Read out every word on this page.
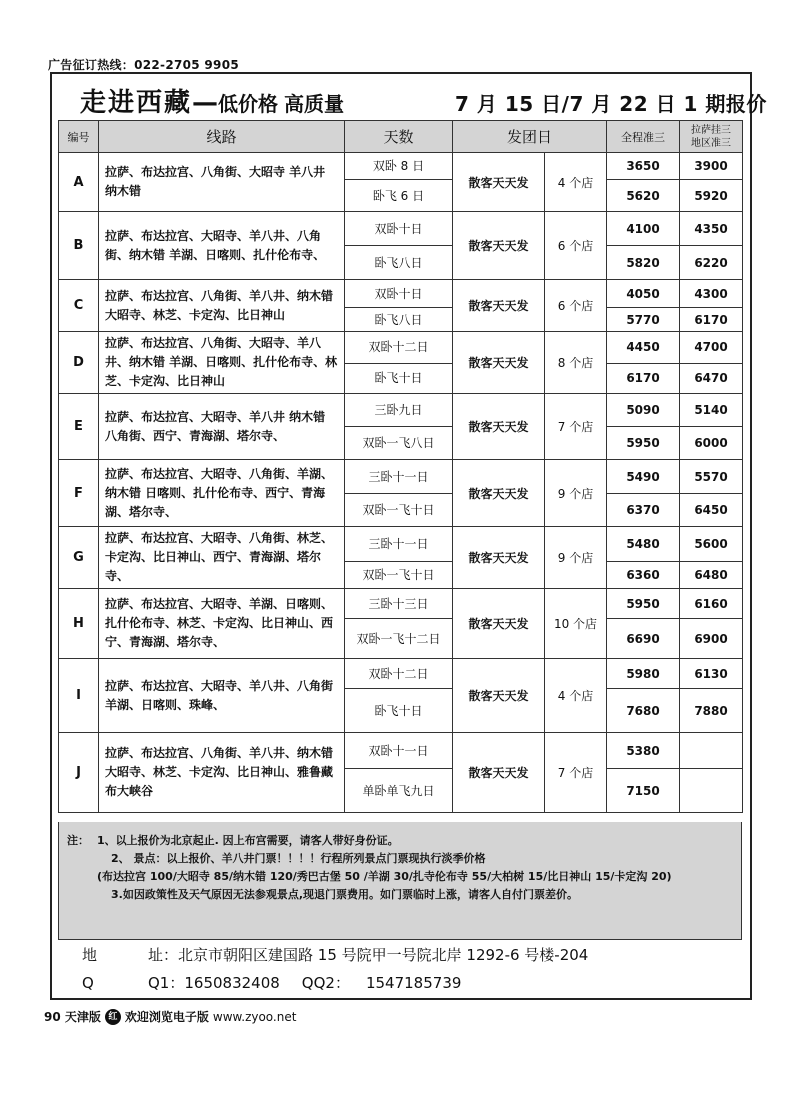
广告征订热线：022-2705 9905
走进西藏—低价格 高质量	7 月 15 日/7 月 22 日 1 期报价
编号	线路	天数	发团日		全程准三	拉萨挂三
地区准三
A	拉萨、布达拉宫、八角街、大昭寺 羊八井 纳木错	双卧 8 日	散客天天发	4 个店	3650	3900
		卧飞 6 日			5620	5920
B	拉萨、布达拉宫、大昭寺、羊八井、八角街、纳木错 羊湖、日喀则、扎什伦布寺、	双卧十日	散客天天发	6 个店	4100	4350
		卧飞八日			5820	6220
C	拉萨、布达拉宫、八角街、羊八井、纳木错 大昭寺、林芝、卡定沟、比日神山	双卧十日	散客天天发	6 个店	4050	4300
		卧飞八日			5770	6170
D	拉萨、布达拉宫、八角街、大昭寺、羊八井、纳木错 羊湖、日喀则、扎什伦布寺、林芝、卡定沟、比日神山	双卧十二日	散客天天发	8 个店	4450	4700
		卧飞十日			6170	6470
E	拉萨、布达拉宫、大昭寺、羊八井 纳木错 八角街、西宁、青海湖、塔尔寺、	三卧九日	散客天天发	7 个店	5090	5140
		双卧一飞八日			5950	6000
F	拉萨、布达拉宫、大昭寺、八角街、羊湖、纳木错 日喀则、扎什伦布寺、西宁、青海湖、塔尔寺、	三卧十一日	散客天天发	9 个店	5490	5570
		双卧一飞十日			6370	6450
G	拉萨、布达拉宫、大昭寺、八角街、林芝、卡定沟、比日神山、西宁、青海湖、塔尔寺、	三卧十一日	散客天天发	9 个店	5480	5600
		双卧一飞十日			6360	6480
H	拉萨、布达拉宫、大昭寺、羊湖、日喀则、扎什伦布寺、林芝、卡定沟、比日神山、西宁、青海湖、塔尔寺、	三卧十三日	散客天天发	10 个店	5950	6160
		双卧一飞十二日			6690	6900
I	拉萨、布达拉宫、大昭寺、羊八井、八角街羊湖、日喀则、珠峰、	双卧十二日	散客天天发	4 个店	5980	6130
		卧飞十日			7680	7880
J	拉萨、布达拉宫、八角街、羊八井、纳木错 大昭寺、林芝、卡定沟、比日神山、雅鲁藏布大峡谷	双卧十一日	散客天天发	7 个店	5380	
		单卧单飞九日			7150	
注： 1、以上报价为北京起止. 因上布宫需要，请客人带好身份证。
2、 景点：以上报价、羊八井门票！！！！行程所列景点门票现执行淡季价格
(布达拉宫 100/大昭寺 85/纳木错 120/秀巴古堡 50 /羊湖 30/扎寺伦布寺 55/大柏树 15/比日神山 15/卡定沟 20)
3.如因政策性及天气原因无法参观景点,现退门票费用。如门票临时上涨，请客人自付门票差价。
地	址：北京市朝阳区建国路 15 号院甲一号院北岸 1292-6 号楼-204
Q	Q1：1650832408 QQ2： 1547185739
90 天津版 红 欢迎浏览电子版 www.zyoo.net
